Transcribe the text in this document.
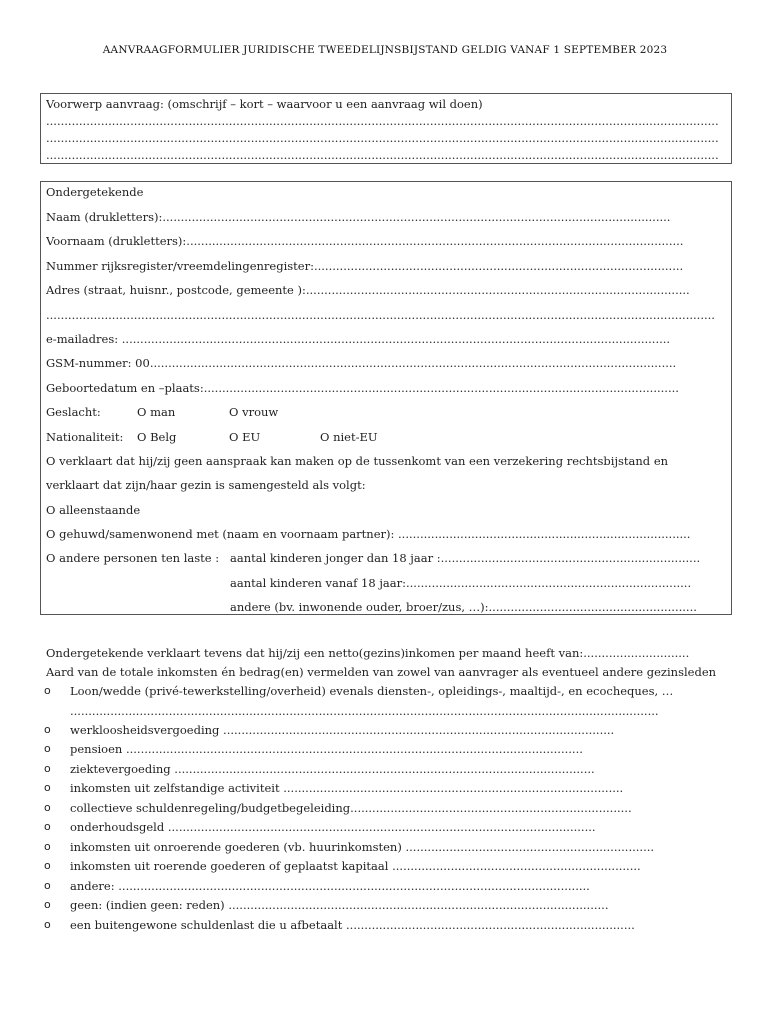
AANVRAAGFORMULIER JURIDISCHE TWEEDELIJNSBIJSTAND GELDIG VANAF 1 SEPTEMBER 2023
Voorwerp aanvraag: (omschrijf – kort – waarvoor u een aanvraag wil doen)
........................................................................................................................................................................................
........................................................................................................................................................................................
........................................................................................................................................................................................
Ondergetekende
Naam (drukletters):...........................................................................................................................................
Voornaam (drukletters):........................................................................................................................................
Nummer rijksregister/vreemdelingenregister:.....................................................................................................
Adres (straat, huisnr., postcode, gemeente ):.........................................................................................................
.......................................................................................................................................................................................
e-mailadres: ......................................................................................................................................................
GSM-nummer: 00................................................................................................................................................
Geboortedatum en –plaats:..................................................................................................................................
Geslacht:	O man	O vrouw
Nationaliteit: O Belg	O EU	O niet-EU
O verklaart dat hij/zij geen aanspraak kan maken op de tussenkomt van een verzekering rechtsbijstand en
verklaart dat zijn/haar gezin is samengesteld als volgt:
O alleenstaande
O gehuwd/samenwonend met (naam en voornaam partner): ................................................................................
O andere personen ten laste : aantal kinderen jonger dan 18 jaar :.......................................................................
aantal kinderen vanaf 18 jaar:..............................................................................
andere (bv. inwonende ouder, broer/zus, …):.........................................................
Ondergetekende verklaart tevens dat hij/zij een netto(gezins)inkomen per maand heeft van:.............................
Aard van de totale inkomsten én bedrag(en) vermelden van zowel van aanvrager als eventueel andere gezinsleden
o Loon/wedde (privé-tewerkstelling/overheid) evenals diensten-, opleidings-, maaltijd-, en ecocheques, …
.................................................................................................................................................................
o werkloosheidsvergoeding ...........................................................................................................
o pensioen .............................................................................................................................
o ziektevergoeding ...................................................................................................................
o inkomsten uit zelfstandige activiteit .............................................................................................
o collectieve schuldenregeling/budgetbegeleiding.............................................................................
o onderhoudsgeld .....................................................................................................................
o inkomsten uit onroerende goederen (vb. huurinkomsten) ....................................................................
o inkomsten uit roerende goederen of geplaatst kapitaal ....................................................................
o andere: .................................................................................................................................
o geen: (indien geen: reden) ........................................................................................................
o een buitengewone schuldenlast die u afbetaalt ...............................................................................
